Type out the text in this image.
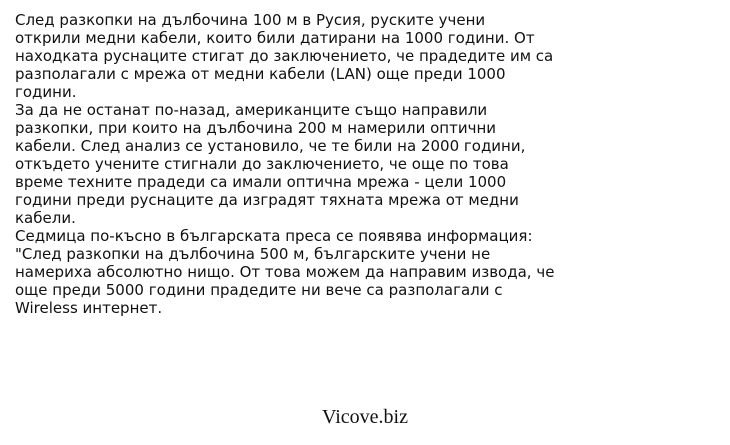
След разкопки на дълбочина 100 м в Русия, руските учени
открили медни кабели, които били датирани на 1000 години. От
находката руснаците стигат до заключението, че прадедите им са
разполагали с мрежа от медни кабели (LAN) още преди 1000
години.
За да не останат по-назад, американците също направили
разкопки, при които на дълбочина 200 м намерили оптични
кабели. След анализ се установило, че те били на 2000 години,
откъдето учените стигнали до заключението, че още по това
време техните прадеди са имали оптична мрежа - цели 1000
години преди руснаците да изградят тяхната мрежа от медни
кабели.
Седмица по-късно в българската преса се появява информация:
"След разкопки на дълбочина 500 м, българските учени не
намериха абсолютно нищо. От това можем да направим извода, че
още преди 5000 години прадедите ни вече са разполагали с
Wireless интернет.
Vicove.biz
